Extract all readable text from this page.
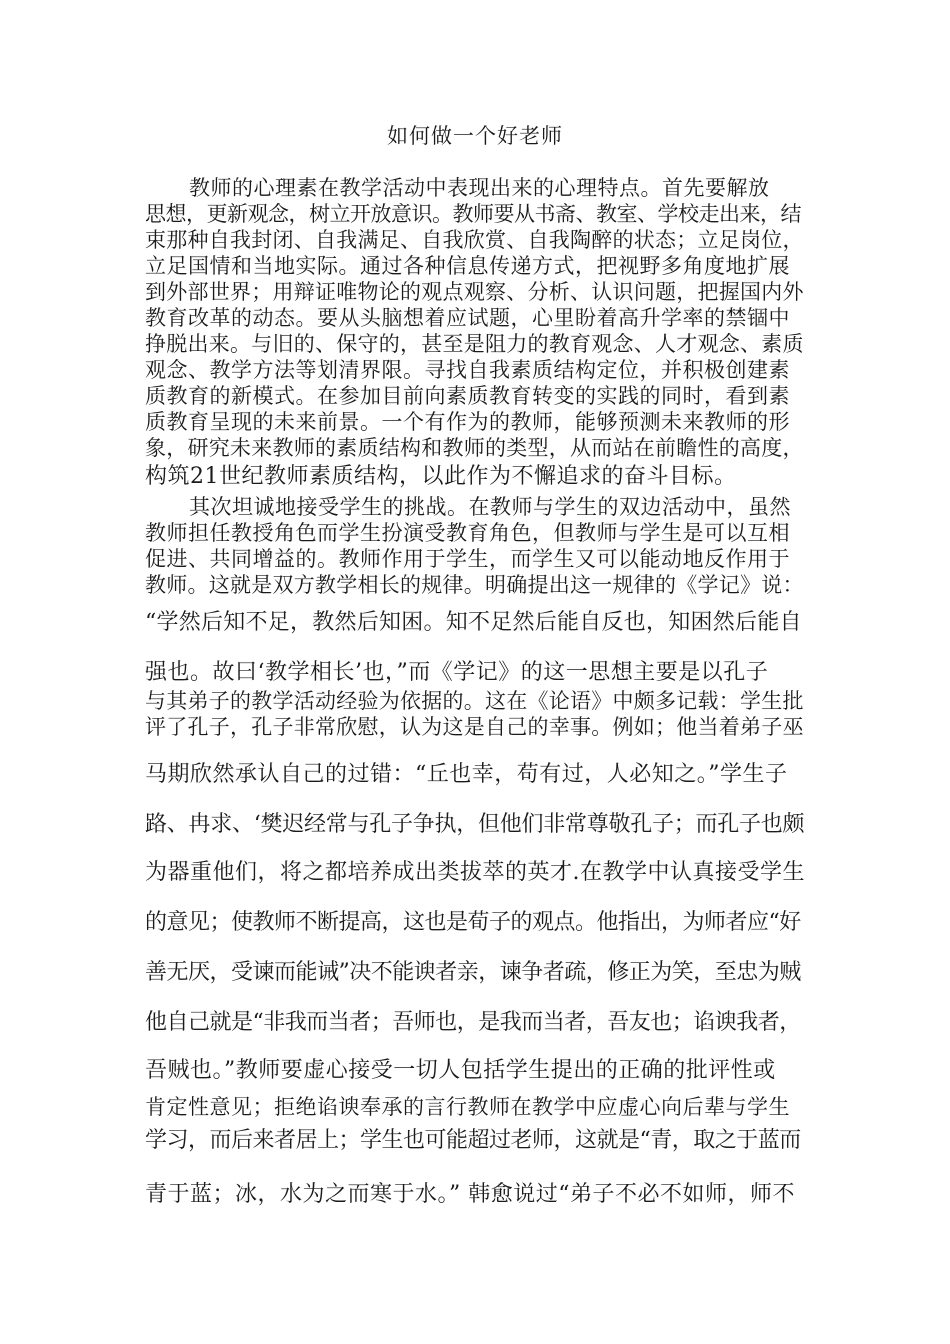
如何做一个好老师
教师的心理素在教学活动中表现出来的心理特点。首先要解放
思想，更新观念，树立开放意识。教师要从书斋、教室、学校走出来，结
束那种自我封闭、自我满足、自我欣赏、自我陶醉的状态；立足岗位，
立足国情和当地实际。通过各种信息传递方式，把视野多角度地扩展
到外部世界；用辩证唯物论的观点观察、分析、认识问题，把握国内外
教育改革的动态。要从头脑想着应试题，心里盼着高升学率的禁锢中
挣脱出来。与旧的、保守的，甚至是阻力的教育观念、人才观念、素质
观念、教学方法等划清界限。寻找自我素质结构定位，并积极创建素
质教育的新模式。在参加目前向素质教育转变的实践的同时，看到素
质教育呈现的未来前景。一个有作为的教师，能够预测未来教师的形
象，研究未来教师的素质结构和教师的类型，从而站在前瞻性的高度，
构筑21世纪教师素质结构，以此作为不懈追求的奋斗目标。
其次坦诚地接受学生的挑战。在教师与学生的双边活动中，虽然
教师担任教授角色而学生扮演受教育角色，但教师与学生是可以互相
促进、共同增益的。教师作用于学生，而学生又可以能动地反作用于
教师。这就是双方教学相长的规律。明确提出这一规律的《学记》说：
“学然后知不足，教然后知困。知不足然后能自反也，知困然后能自
强也。故曰‘教学相长’也，”而《学记》的这一思想主要是以孔子
与其弟子的教学活动经验为依据的。这在《论语》中颇多记载：学生批
评了孔子，孔子非常欣慰，认为这是自己的幸事。例如；他当着弟子巫
马期欣然承认自己的过错：“丘也幸，苟有过，人必知之。”学生子
路、冉求、‘樊迟经常与孔子争执，但他们非常尊敬孔子；而孔子也颇
为器重他们，将之都培养成出类拔萃的英才.在教学中认真接受学生
的意见；使教师不断提高，这也是荀子的观点。他指出，为师者应“好
善无厌，受谏而能诫”决不能谀者亲，谏争者疏，修正为笑，至忠为贼
他自己就是“非我而当者；吾师也，是我而当者，吾友也；谄谀我者，
吾贼也。”教师要虚心接受一切人包括学生提出的正确的批评性或
肯定性意见；拒绝谄谀奉承的言行教师在教学中应虚心向后辈与学生
学习，而后来者居上；学生也可能超过老师，这就是“青，取之于蓝而
青于蓝；冰，水为之而寒于水。” 韩愈说过“弟子不必不如师，师不
